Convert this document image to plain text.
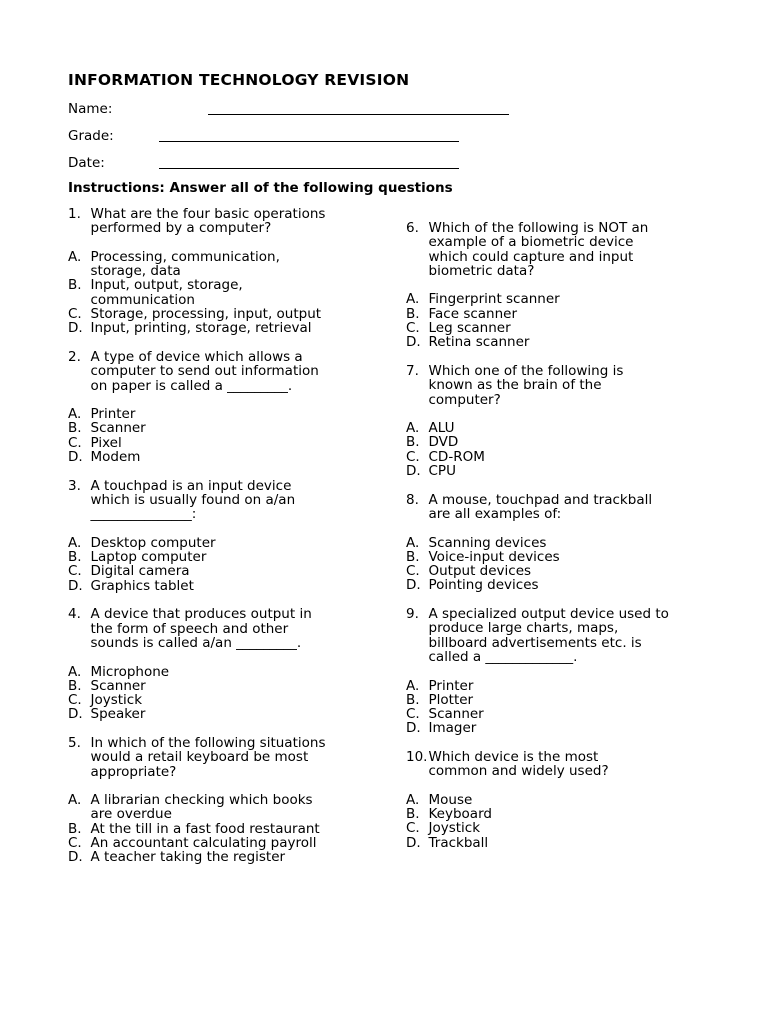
INFORMATION TECHNOLOGY REVISION
Name:
Grade:
Date:
Instructions: Answer all of the following questions
1. What are the four basic operations
performed by a computer?
A. Processing, communication,
storage, data
B. Input, output, storage,
communication
C. Storage, processing, input, output
D. Input, printing, storage, retrieval
2. A type of device which allows a
computer to send out information
on paper is called a _________.
A. Printer
B. Scanner
C. Pixel
D. Modem
3. A touchpad is an input device
which is usually found on a/an
_______________:
A. Desktop computer
B. Laptop computer
C. Digital camera
D. Graphics tablet
4. A device that produces output in
the form of speech and other
sounds is called a/an _________.
A. Microphone
B. Scanner
C. Joystick
D. Speaker
5. In which of the following situations
would a retail keyboard be most
appropriate?
A. A librarian checking which books
are overdue
B. At the till in a fast food restaurant
C. An accountant calculating payroll
D. A teacher taking the register
6. Which of the following is NOT an
example of a biometric device
which could capture and input
biometric data?
A. Fingerprint scanner
B. Face scanner
C. Leg scanner
D. Retina scanner
7. Which one of the following is
known as the brain of the
computer?
A. ALU
B. DVD
C. CD-ROM
D. CPU
8. A mouse, touchpad and trackball
are all examples of:
A. Scanning devices
B. Voice-input devices
C. Output devices
D. Pointing devices
9. A specialized output device used to
produce large charts, maps,
billboard advertisements etc. is
called a _____________.
A. Printer
B. Plotter
C. Scanner
D. Imager
10. Which device is the most
common and widely used?
A. Mouse
B. Keyboard
C. Joystick
D. Trackball
